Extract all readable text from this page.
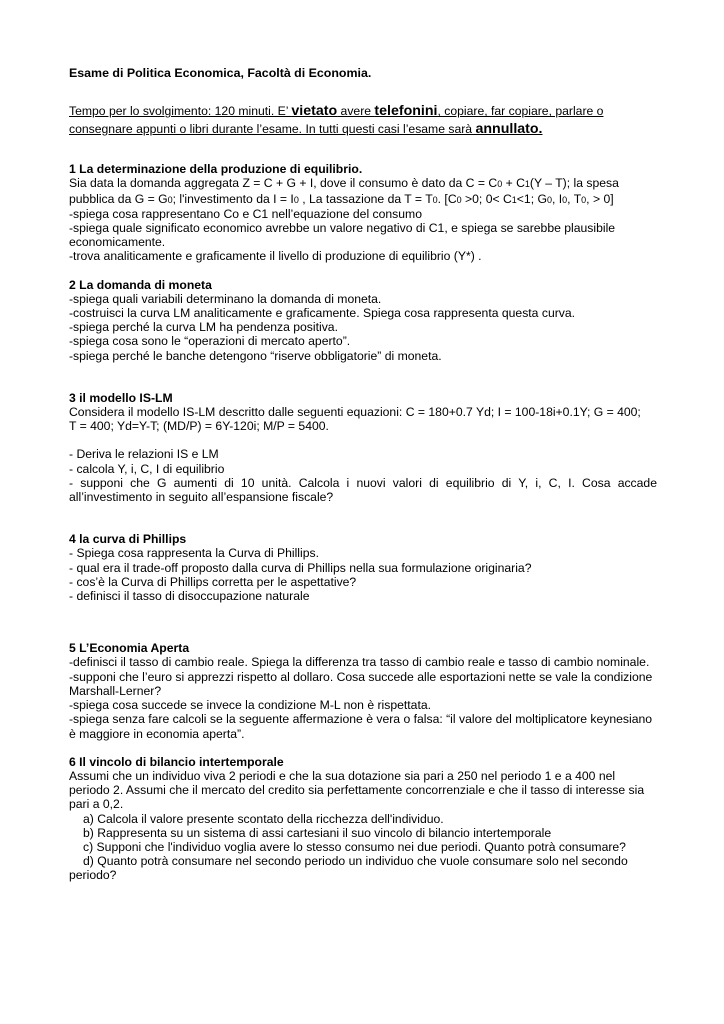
Esame di Politica Economica, Facoltà di Economia.
Tempo per lo svolgimento: 120 minuti. E’ vietato avere telefonini, copiare, far copiare, parlare o
consegnare appunti o libri durante l’esame. In tutti questi casi l’esame sarà annullato.
1 La determinazione della produzione di equilibrio.
Sia data la domanda aggregata Z = C + G + I, dove il consumo è dato da C = C0 + C1(Y – T); la spesa
pubblica da G = G0; l'investimento da I = I0 , La tassazione da T = T0. [C0 >0; 0< C1<1; G0, I0, T0, > 0]
-spiega cosa rappresentano Co e C1 nell’equazione del consumo
-spiega quale significato economico avrebbe un valore negativo di C1, e spiega se sarebbe plausibile
economicamente.
-trova analiticamente e graficamente il livello di produzione di equilibrio (Y*) .
2 La domanda di moneta
-spiega quali variabili determinano la domanda di moneta.
-costruisci la curva LM analiticamente e graficamente. Spiega cosa rappresenta questa curva.
-spiega perché la curva LM ha pendenza positiva.
-spiega cosa sono le “operazioni di mercato aperto”.
-spiega perché le banche detengono “riserve obbligatorie” di moneta.
3 il modello IS-LM
Considera il modello IS-LM descritto dalle seguenti equazioni: C = 180+0.7 Yd; I = 100-18i+0.1Y; G = 400;
T = 400; Yd=Y-T; (MD/P) = 6Y-120i; M/P = 5400.
- Deriva le relazioni IS e LM
- calcola Y, i, C, I di equilibrio
- supponi che G aumenti di 10 unità. Calcola i nuovi valori di equilibrio di Y, i, C, I. Cosa accade
all’investimento in seguito all’espansione fiscale?
4 la curva di Phillips
- Spiega cosa rappresenta la Curva di Phillips.
- qual era il trade-off proposto dalla curva di Phillips nella sua formulazione originaria?
- cos’è la Curva di Phillips corretta per le aspettative?
- definisci il tasso di disoccupazione naturale
5 L’Economia Aperta
-definisci il tasso di cambio reale. Spiega la differenza tra tasso di cambio reale e tasso di cambio nominale.
-supponi che l’euro si apprezzi rispetto al dollaro. Cosa succede alle esportazioni nette se vale la condizione
Marshall-Lerner?
-spiega cosa succede se invece la condizione M-L non è rispettata.
-spiega senza fare calcoli se la seguente affermazione è vera o falsa: “il valore del moltiplicatore keynesiano
è maggiore in economia aperta”.
6 Il vincolo di bilancio intertemporale
Assumi che un individuo viva 2 periodi e che la sua dotazione sia pari a 250 nel periodo 1 e a 400 nel
periodo 2. Assumi che il mercato del credito sia perfettamente concorrenziale e che il tasso di interesse sia
pari a 0,2.
a) Calcola il valore presente scontato della ricchezza dell'individuo.
b) Rappresenta su un sistema di assi cartesiani il suo vincolo di bilancio intertemporale
c) Supponi che l'individuo voglia avere lo stesso consumo nei due periodi. Quanto potrà consumare?
d) Quanto potrà consumare nel secondo periodo un individuo che vuole consumare solo nel secondo
periodo?
